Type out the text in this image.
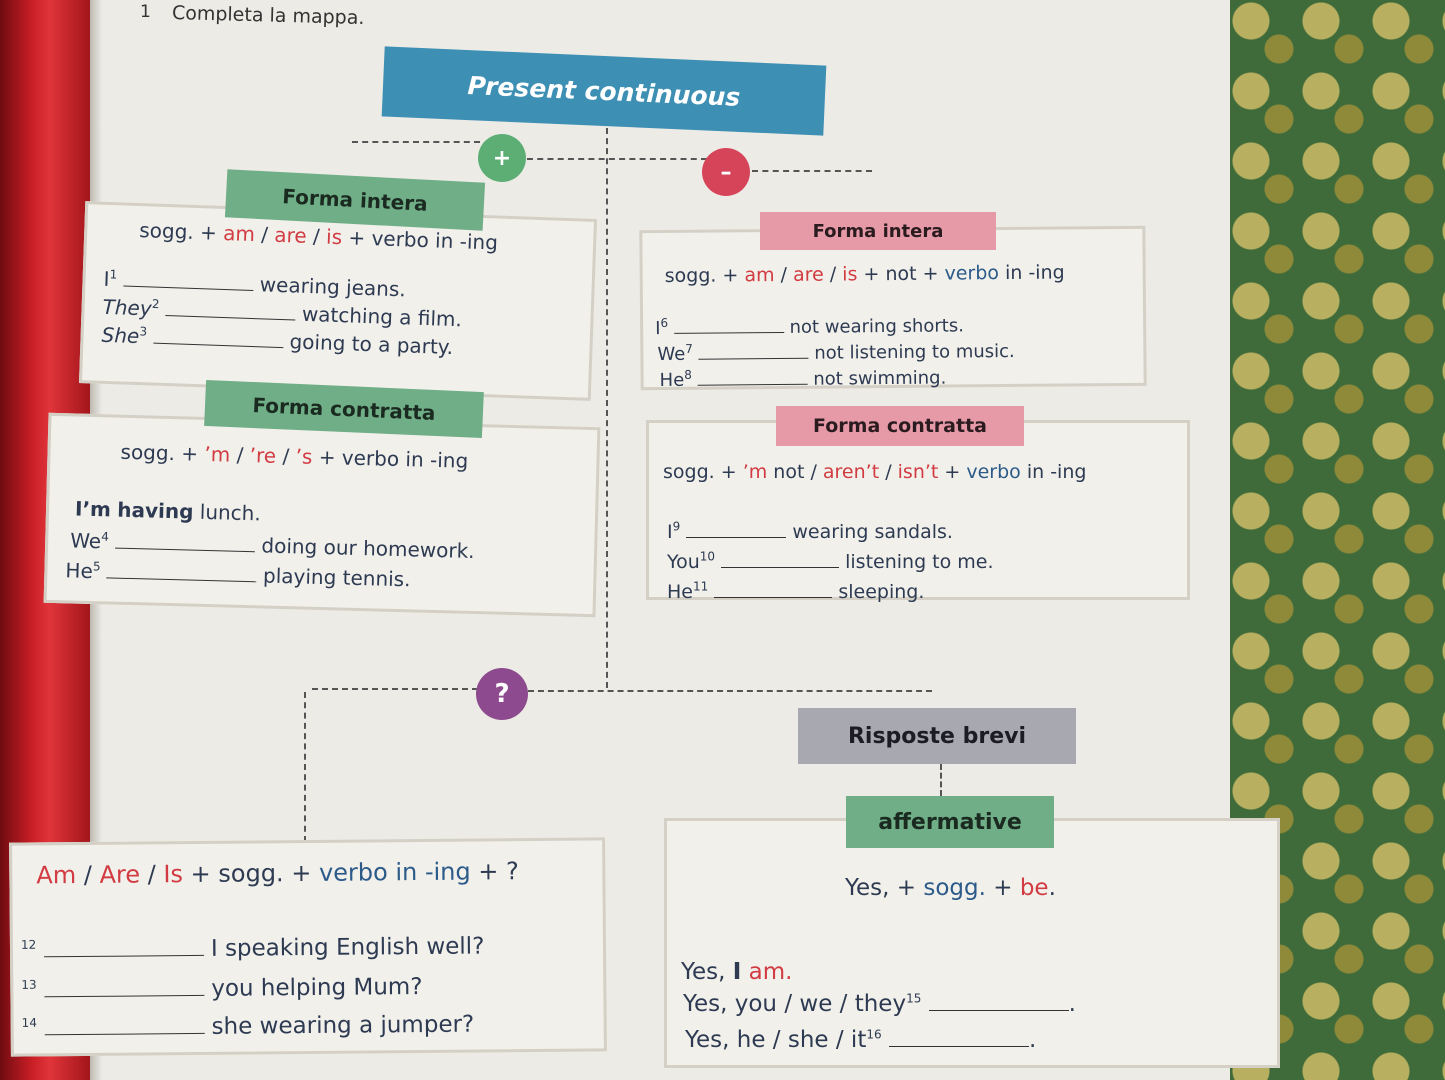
1 Completa la mappa.
Present continuous
+
–
?
sogg. + am / are / is + verbo in -ing
$I^1$	wearing jeans.
They$^2$	watching a film.
She$^3$	going to a party.
Forma intera
sogg. + ’m / ’re / ’s + verbo in -ing
I’m having lunch.
We$^4$	doing our homework.
He$^5$	playing tennis.
Forma contratta
sogg. + am / are / is + not + verbo in -ing
$I^6$	not wearing shorts.
We$^7$	not listening to music.
He$^8$	not swimming.
Forma intera
sogg. + ’m not / aren’t / isn’t + verbo in -ing
$I^9$	wearing sandals.
You$^{10}$	listening to me.
He$^{11}$	sleeping.
Forma contratta
Am / Are / Is + sogg. + verbo in -ing + ?
$^{12}$	I speaking English well?
$^{13}$	you helping Mum?
$^{14}$	she wearing a jumper?
Risposte brevi
Yes, + sogg. + be.
Yes, I am.
Yes, you / we / they$^{15}$	.
Yes, he / she / $it^{16}$	.
affermative
